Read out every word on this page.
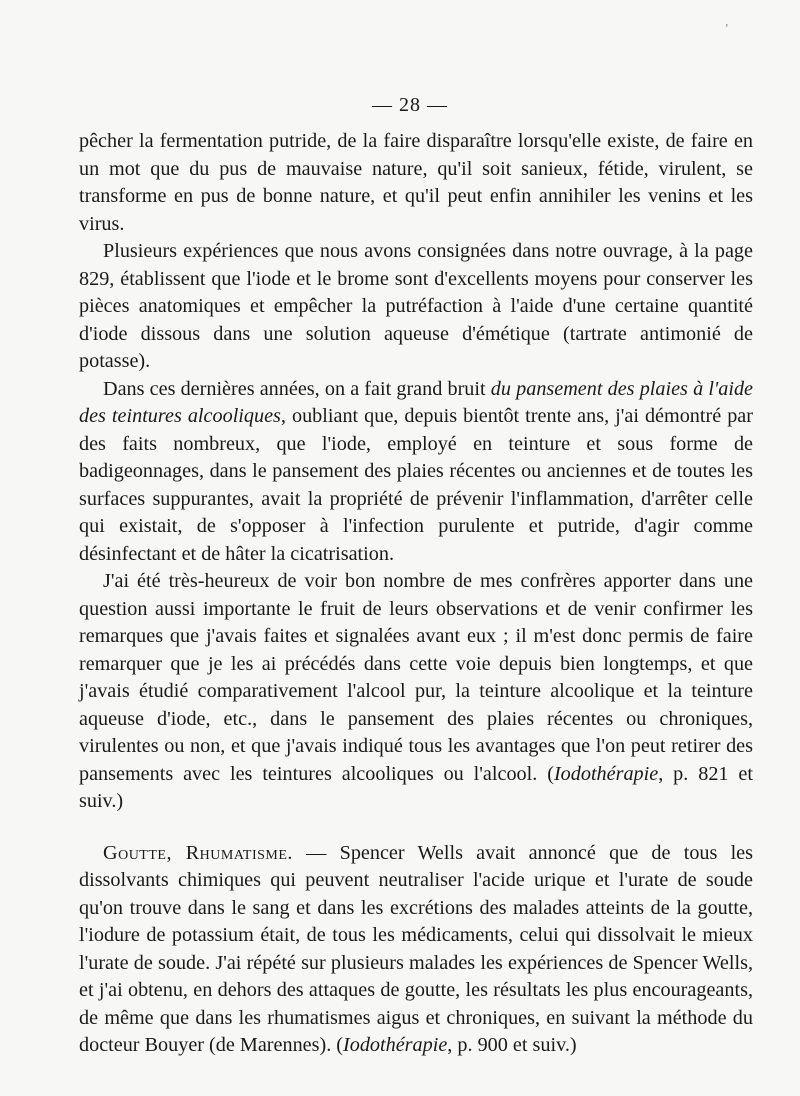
'
— 28 —

pêcher la fermentation putride, de la faire disparaître lorsqu'elle existe, de faire en un mot que du pus de mauvaise nature, qu'il soit sanieux, fétide, virulent, se transforme en pus de bonne nature, et qu'il peut enfin annihiler les venins et les virus.

Plusieurs expériences que nous avons consignées dans notre ouvrage, à la page 829, établissent que l'iode et le brome sont d'excellents moyens pour conserver les pièces anatomiques et empêcher la putréfaction à l'aide d'une certaine quantité d'iode dissous dans une solution aqueuse d'émétique (tartrate antimonié de potasse).

Dans ces dernières années, on a fait grand bruit du pansement des plaies à l'aide des teintures alcooliques, oubliant que, depuis bientôt trente ans, j'ai démontré par des faits nombreux, que l'iode, employé en teinture et sous forme de badigeonnages, dans le pansement des plaies récentes ou anciennes et de toutes les surfaces suppurantes, avait la propriété de prévenir l'inflammation, d'arrêter celle qui existait, de s'opposer à l'infection purulente et putride, d'agir comme désinfectant et de hâter la cicatrisation.

J'ai été très-heureux de voir bon nombre de mes confrères apporter dans une question aussi importante le fruit de leurs observations et de venir confirmer les remarques que j'avais faites et signalées avant eux ; il m'est donc permis de faire remarquer que je les ai précédés dans cette voie depuis bien longtemps, et que j'avais étudié comparativement l'alcool pur, la teinture alcoolique et la teinture aqueuse d'iode, etc., dans le pansement des plaies récentes ou chroniques, virulentes ou non, et que j'avais indiqué tous les avantages que l'on peut retirer des pansements avec les teintures alcooliques ou l'alcool. (Iodothérapie, p. 821 et suiv.)

Goutte, Rhumatisme. — Spencer Wells avait annoncé que de tous les dissolvants chimiques qui peuvent neutraliser l'acide urique et l'urate de soude qu'on trouve dans le sang et dans les excrétions des malades atteints de la goutte, l'iodure de potassium était, de tous les médicaments, celui qui dissolvait le mieux l'urate de soude. J'ai répété sur plusieurs malades les expériences de Spencer Wells, et j'ai obtenu, en dehors des attaques de goutte, les résultats les plus encourageants, de même que dans les rhumatismes aigus et chroniques, en suivant la méthode du docteur Bouyer (de Marennes). (Iodothérapie, p. 900 et suiv.)
